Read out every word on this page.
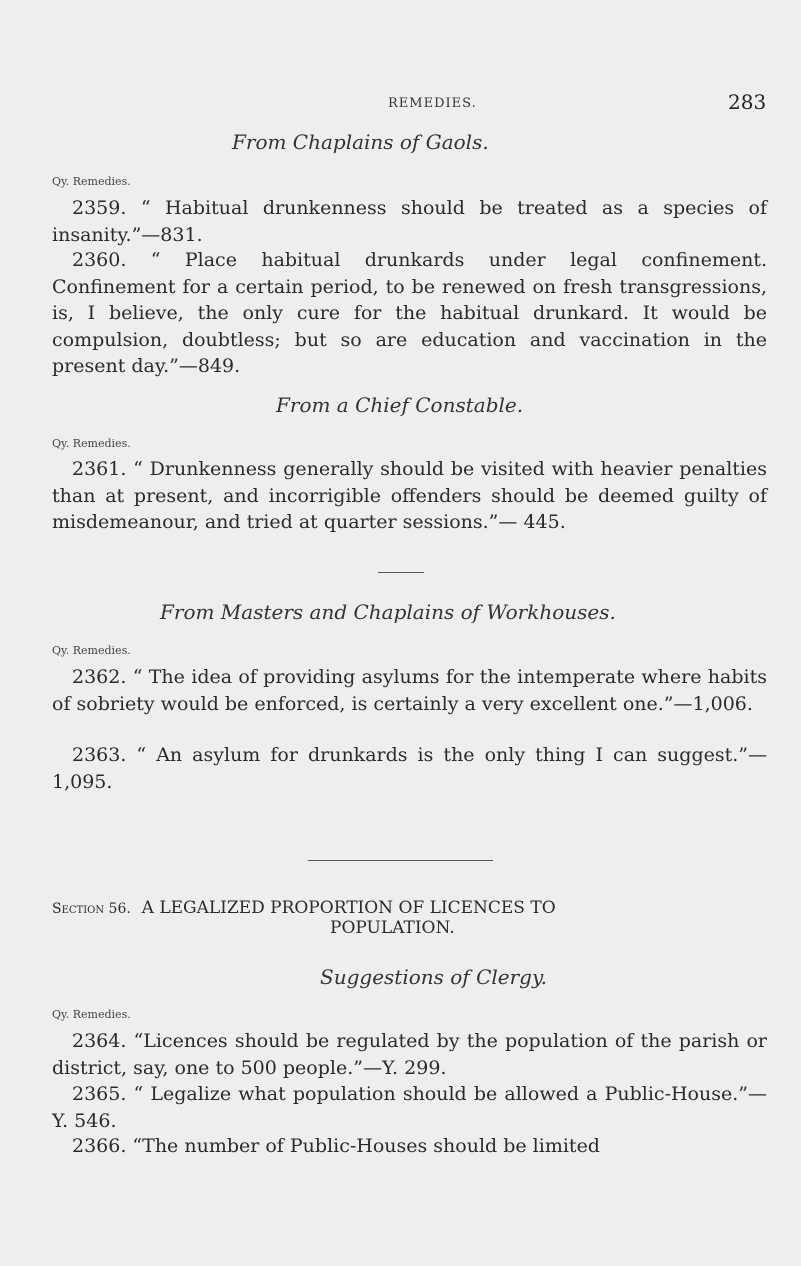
REMEDIES.	283

From Chaplains of Gaols.

Qy. Remedies.

2359. “ Habitual drunkenness should be treated as a species of insanity.”—831.

2360. “ Place habitual drunkards under legal confinement. Confinement for a certain period, to be renewed on fresh transgressions, is, I believe, the only cure for the habitual drunkard. It would be compulsion, doubtless; but so are education and vaccination in the present day.”—849.

From a Chief Constable.

Qy. Remedies.

2361. “ Drunkenness generally should be visited with heavier penalties than at present, and incorrigible offenders should be deemed guilty of misdemeanour, and tried at quarter sessions.”— 445.

From Masters and Chaplains of Workhouses.

Qy. Remedies.

2362. “ The idea of providing asylums for the intemperate where habits of sobriety would be enforced, is certainly a very excellent one.”—1,006.

2363. “ An asylum for drunkards is the only thing I can suggest.”—1,095.

Section 56. A LEGALIZED PROPORTION OF LICENCES TO

POPULATION.

Suggestions of Clergy.

Qy. Remedies.

2364. “Licences should be regulated by the population of the parish or district, say, one to 500 people.”—Y. 299.

2365. “ Legalize what population should be allowed a Public-House.”—Y. 546.

2366. “The number of Public-Houses should be limited
